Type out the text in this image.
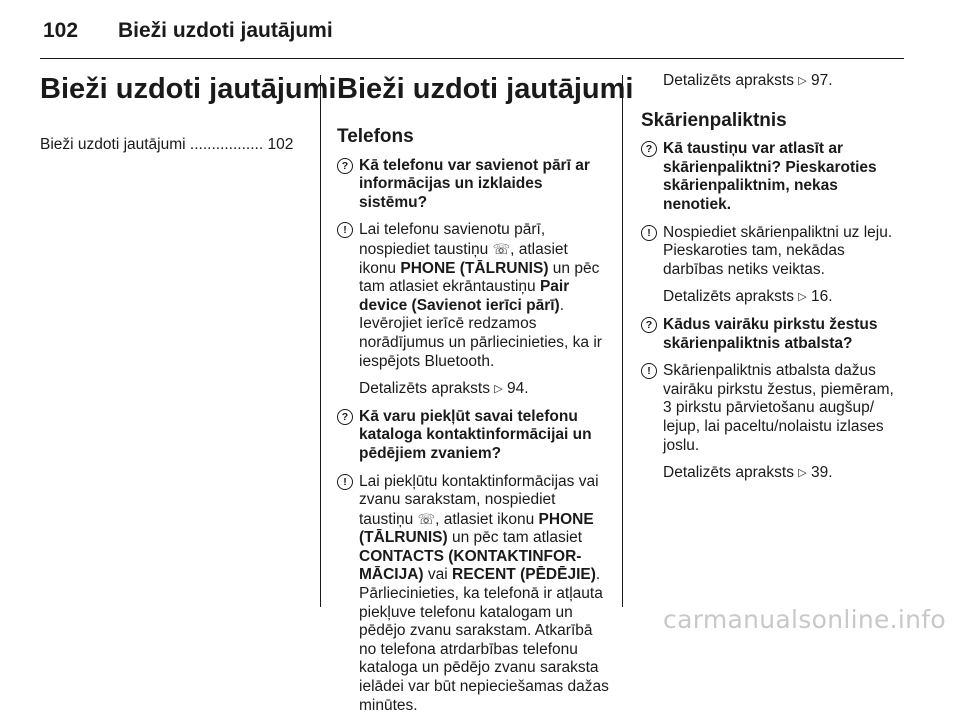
102 Bieži uzdoti jautājumi
Bieži uzdoti jautājumi
Bieži uzdoti jautājumi ................. 102
Bieži uzdoti jautājumi
Telefons
? Kā telefonu var savienot pārī ar informācijas un izklaides sistēmu?
! Lai telefonu savienotu pārī, nospiediet taustiņu ☏, atlasiet ikonu PHONE (TĀLRUNIS) un pēc tam atlasiet ekrāntaustiņu Pair device (Savienot ierīci pārī). Ievērojiet ierīcē redzamos norādījumus un pārliecinieties, ka ir iespējots Bluetooth.
Detalizēts apraksts ▷ 94.
? Kā varu piekļūt savai telefonu kataloga kontaktinformācijai un pēdējiem zvaniem?
! Lai piekļūtu kontaktinformācijas vai zvanu sarakstam, nospiediet taustiņu ☏, atlasiet ikonu PHONE (TĀLRUNIS) un pēc tam atlasiet CONTACTS (KONTAKTINFOR‐MĀCIJA) vai RECENT (PĒDĒJIE). Pārliecinieties, ka telefonā ir atļauta piekļuve telefonu katalogam un pēdējo zvanu sarakstam. Atkarībā no telefona atrdarbības telefonu kataloga un pēdējo zvanu saraksta ielādei var būt nepieciešamas dažas minūtes.
Detalizēts apraksts ▷ 97.
Skārienpaliktnis
? Kā taustiņu var atlasīt ar skārienpaliktni? Pieskaroties skārienpaliktnim, nekas nenotiek.
! Nospiediet skārienpaliktni uz leju. Pieskaroties tam, nekādas darbības netiks veiktas.
Detalizēts apraksts ▷ 16.
? Kādus vairāku pirkstu žestus skārienpaliktnis atbalsta?
! Skārienpaliktnis atbalsta dažus vairāku pirkstu žestus, piemēram, 3 pirkstu pārvietošanu augšup/ lejup, lai paceltu/nolaistu izlases joslu.
Detalizēts apraksts ▷ 39.
carmanualsonline.info
